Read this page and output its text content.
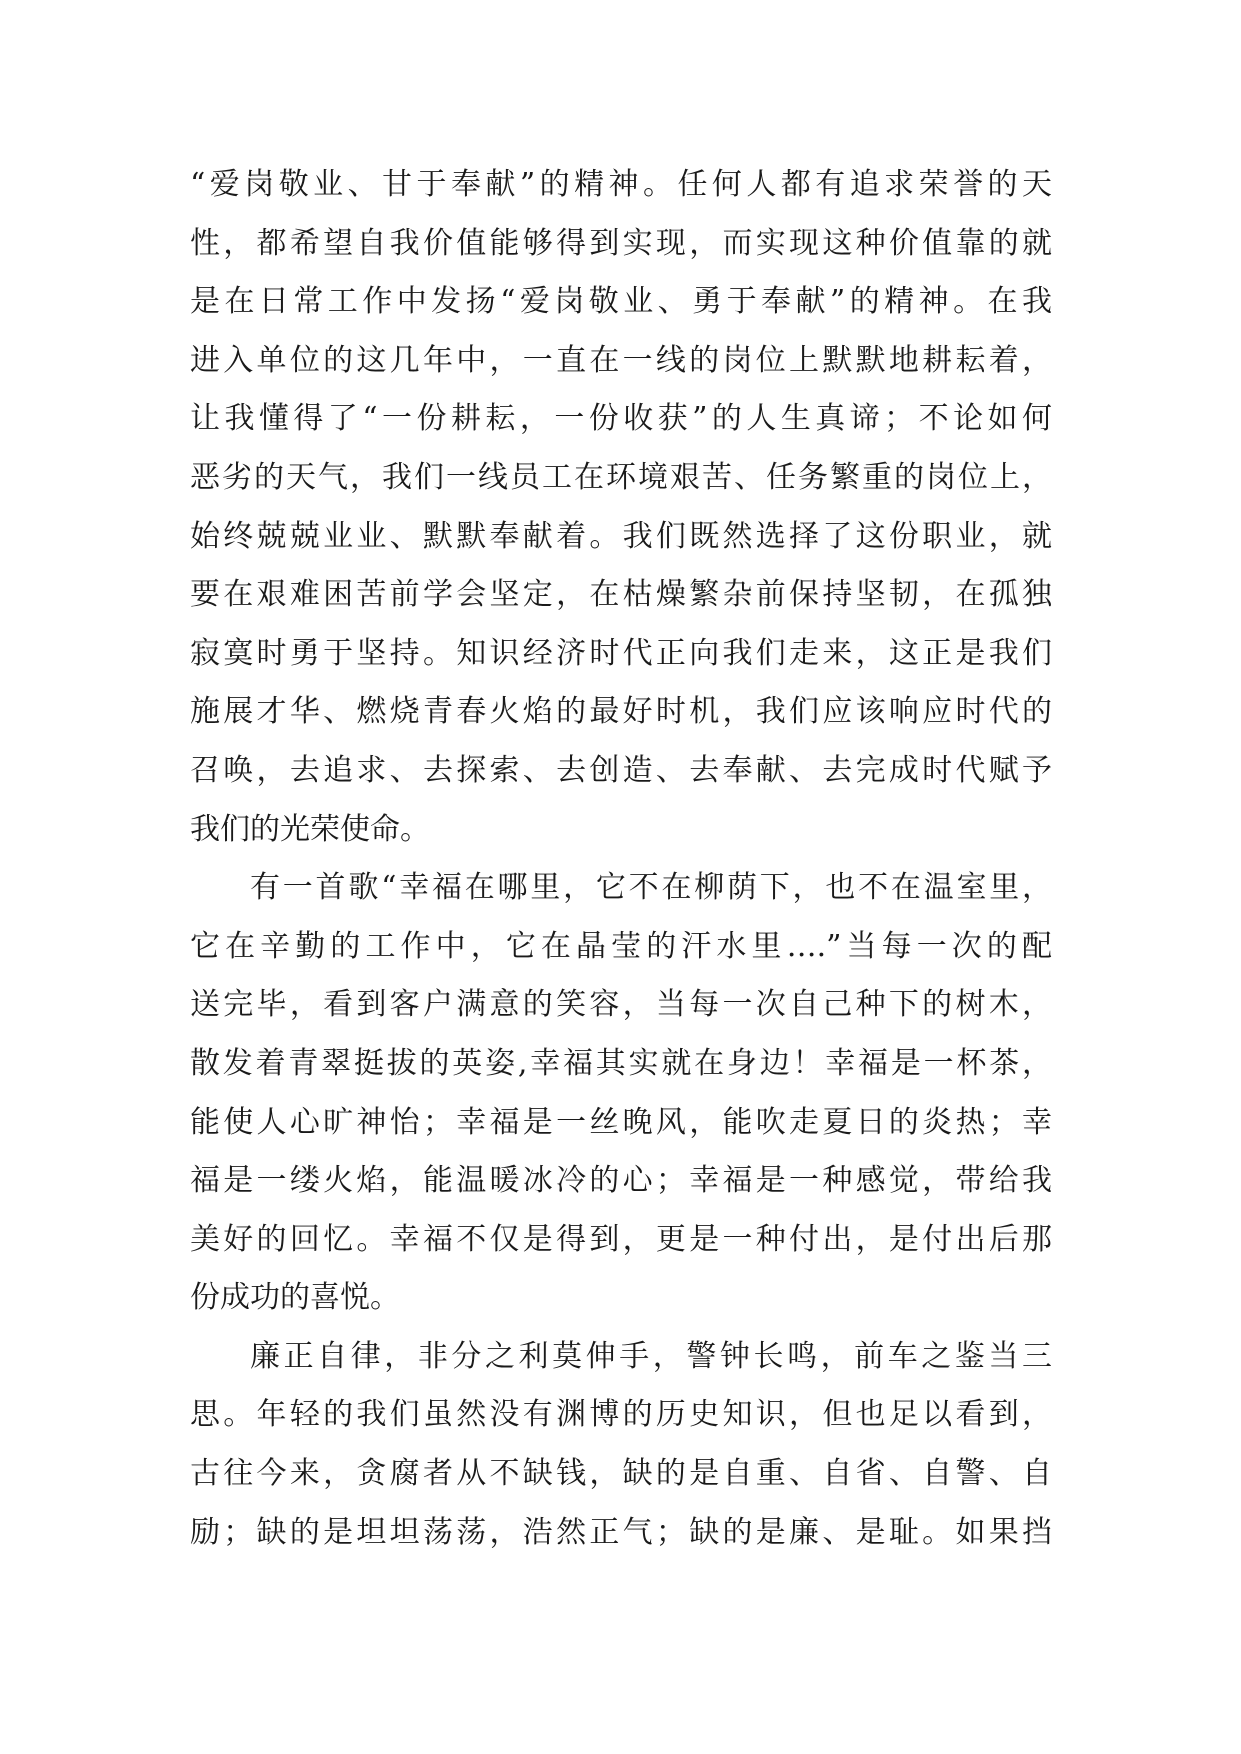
“爱岗敬业、甘于奉献”的精神。任何人都有追求荣誉的天
性，都希望自我价值能够得到实现，而实现这种价值靠的就
是在日常工作中发扬“爱岗敬业、勇于奉献”的精神。在我
进入单位的这几年中，一直在一线的岗位上默默地耕耘着，
让我懂得了“一份耕耘，一份收获”的人生真谛；不论如何
恶劣的天气，我们一线员工在环境艰苦、任务繁重的岗位上，
始终兢兢业业、默默奉献着。我们既然选择了这份职业，就
要在艰难困苦前学会坚定，在枯燥繁杂前保持坚韧，在孤独
寂寞时勇于坚持。知识经济时代正向我们走来，这正是我们
施展才华、燃烧青春火焰的最好时机，我们应该响应时代的
召唤，去追求、去探索、去创造、去奉献、去完成时代赋予
我们的光荣使命。
有一首歌“幸福在哪里，它不在柳荫下，也不在温室里，
它在辛勤的工作中，它在晶莹的汗水里….”当每一次的配
送完毕，看到客户满意的笑容，当每一次自己种下的树木，
散发着青翠挺拔的英姿,幸福其实就在身边！幸福是一杯茶，
能使人心旷神怡；幸福是一丝晚风，能吹走夏日的炎热；幸
福是一缕火焰，能温暖冰冷的心；幸福是一种感觉，带给我
美好的回忆。幸福不仅是得到，更是一种付出，是付出后那
份成功的喜悦。
廉正自律，非分之利莫伸手，警钟长鸣，前车之鉴当三
思。年轻的我们虽然没有渊博的历史知识，但也足以看到，
古往今来，贪腐者从不缺钱，缺的是自重、自省、自警、自
励；缺的是坦坦荡荡，浩然正气；缺的是廉、是耻。如果挡
